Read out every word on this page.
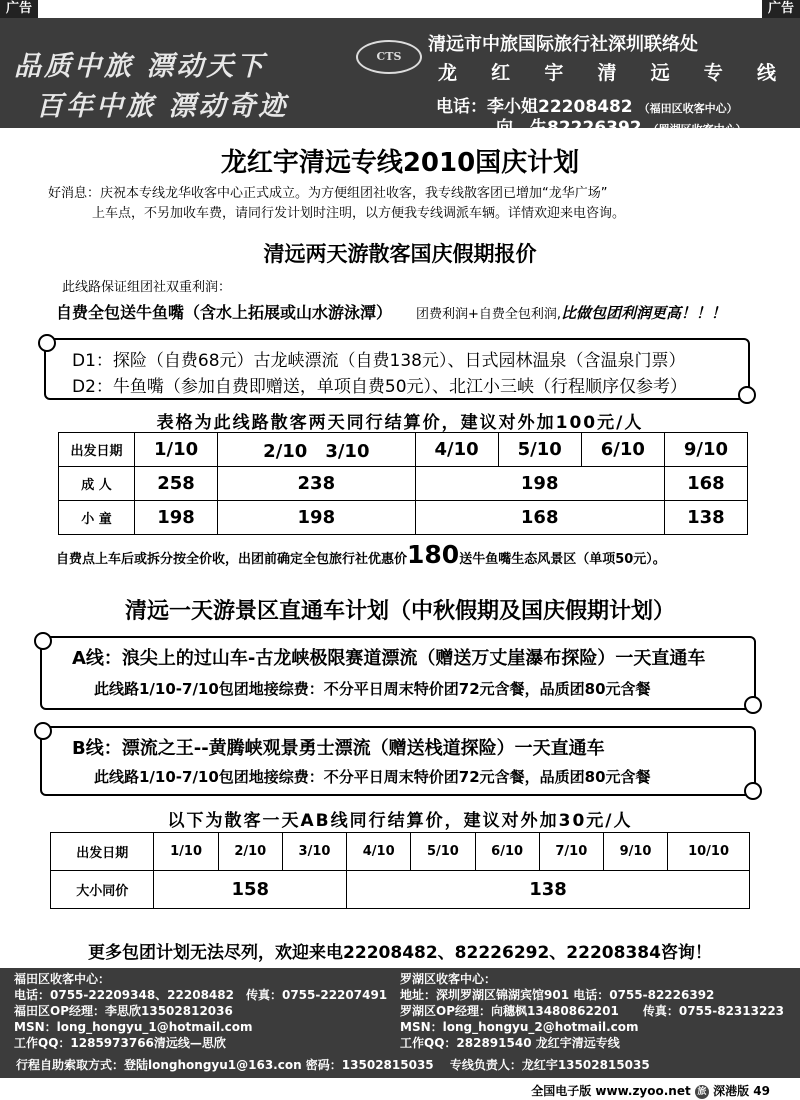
广告	广告
品质中旅 漂动天下
百年中旅 漂动奇迹
CTS
清远市中旅国际旅行社深圳联络处
龙 红 宇 清 远 专 线
电话：李小姐22208482 （福田区收客中心）
向　生82226392 （罗湖区收客中心）
龙红宇清远专线2010国庆计划
好消息：庆祝本专线龙华收客中心正式成立。为方便组团社收客，我专线散客团已增加“龙华广场”
上车点，不另加收车费，请同行发计划时注明，以方便我专线调派车辆。详情欢迎来电咨询。
清远两天游散客国庆假期报价
此线路保证组团社双重利润：
自费全包送牛鱼嘴（含水上拓展或山水游泳潭） 团费利润+自费全包利润,比做包团利润更高！！！
D1：探险（自费68元）古龙峡漂流（自费138元）、日式园林温泉（含温泉门票）
D2：牛鱼嘴（参加自费即赠送，单项自费50元）、北江小三峡（行程顺序仅参考）
表格为此线路散客两天同行结算价，建议对外加100元/人
出发日期	1/10	2/10　3/10	4/10	5/10	6/10	9/10
成 人	258	238	198			168
小 童	198	198	168			138
自费点上车后或拆分按全价收，出团前确定全包旅行社优惠价180送牛鱼嘴生态风景区（单项50元）。
清远一天游景区直通车计划（中秋假期及国庆假期计划）
A线：浪尖上的过山车-古龙峡极限赛道漂流（赠送万丈崖瀑布探险）一天直通车
此线路1/10-7/10包团地接综费：不分平日周末特价团72元含餐，品质团80元含餐
B线：漂流之王--黄腾峡观景勇士漂流（赠送栈道探险）一天直通车
此线路1/10-7/10包团地接综费：不分平日周末特价团72元含餐，品质团80元含餐
以下为散客一天AB线同行结算价，建议对外加30元/人
出发日期	1/10	2/10	3/10	4/10	5/10	6/10	7/10	9/10	10/10
大小同价	158			138					
更多包团计划无法尽列，欢迎来电22208482、82226292、22208384咨询！
福田区收客中心：
电话：0755-22209348、22208482　传真：0755-22207491
福田区OP经理：李思欣13502812036
MSN：long_hongyu_1@hotmail.com
工作QQ：1285973766清远线—思欣
罗湖区收客中心：
地址：深圳罗湖区锦湖宾馆901 电话：0755-82226392
罗湖区OP经理：向穗枫13480862201　　传真：0755-82313223
MSN：long_hongyu_2@hotmail.com
工作QQ：282891540 龙红宇清远专线
行程自助索取方式：登陆longhongyu1@163.con 密码：13502815035　 专线负责人：龙红宇13502815035
全国电子版 www.zyoo.net 旅 深港版 49
